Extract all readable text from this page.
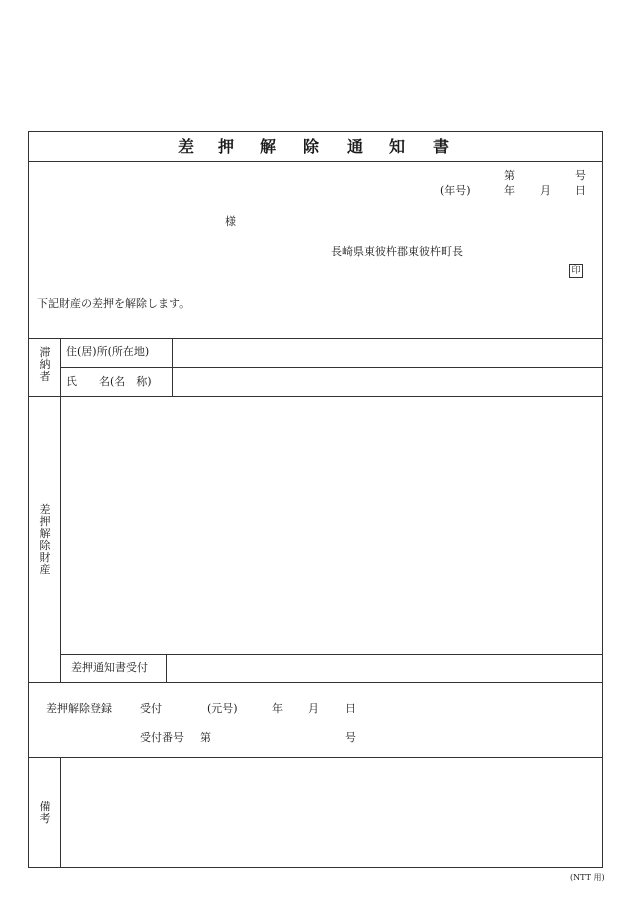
差 押 解 除 通 知 書
第	号
(年号)	年 月 日
様
長崎県東彼杵郡東彼杵町長
印
下記財産の差押を解除します。
滞納者
住(居)所(所在地)
氏　　名(名　称)
差押解除財産
差押通知書受付
差押解除登録	受付	(元号)	年 月 日
受付番号 第	号
備考
(NTT 用)
